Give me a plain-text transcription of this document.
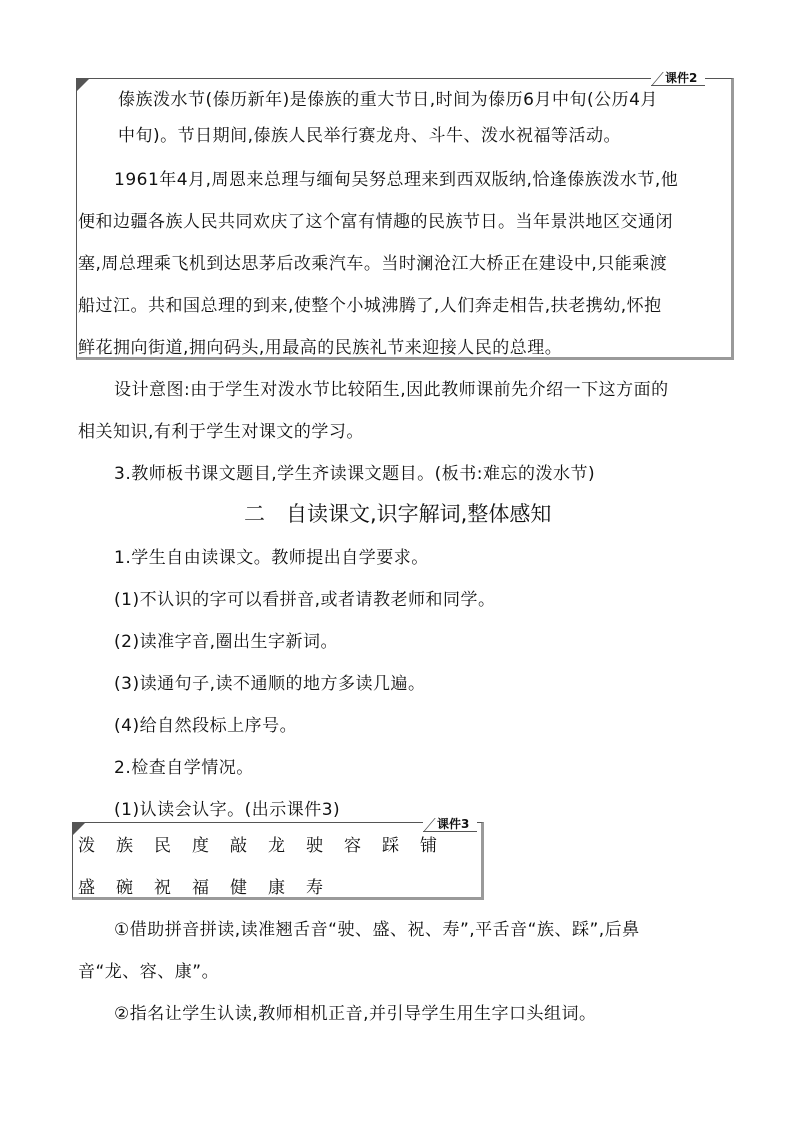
课件2
傣族泼水节(傣历新年)是傣族的重大节日,时间为傣历6月中旬(公历4月
中旬)。节日期间,傣族人民举行赛龙舟、斗牛、泼水祝福等活动。
1961年4月,周恩来总理与缅甸吴努总理来到西双版纳,恰逢傣族泼水节,他
便和边疆各族人民共同欢庆了这个富有情趣的民族节日。当年景洪地区交通闭
塞,周总理乘飞机到达思茅后改乘汽车。当时澜沧江大桥正在建设中,只能乘渡
船过江。共和国总理的到来,使整个小城沸腾了,人们奔走相告,扶老携幼,怀抱
鲜花拥向街道,拥向码头,用最高的民族礼节来迎接人民的总理。
设计意图:由于学生对泼水节比较陌生,因此教师课前先介绍一下这方面的
相关知识,有利于学生对课文的学习。
3.教师板书课文题目,学生齐读课文题目。(板书:难忘的泼水节)
二　自读课文,识字解词,整体感知
1.学生自由读课文。教师提出自学要求。
(1)不认识的字可以看拼音,或者请教老师和同学。
(2)读准字音,圈出生字新词。
(3)读通句子,读不通顺的地方多读几遍。
(4)给自然段标上序号。
2.检查自学情况。
(1)认读会认字。(出示课件3)
课件3
泼 族 民 度 敲 龙 驶 容 踩 铺
盛 碗 祝 福 健 康 寿
①借助拼音拼读,读准翘舌音“驶、盛、祝、寿”,平舌音“族、踩”,后鼻
音“龙、容、康”。
②指名让学生认读,教师相机正音,并引导学生用生字口头组词。
